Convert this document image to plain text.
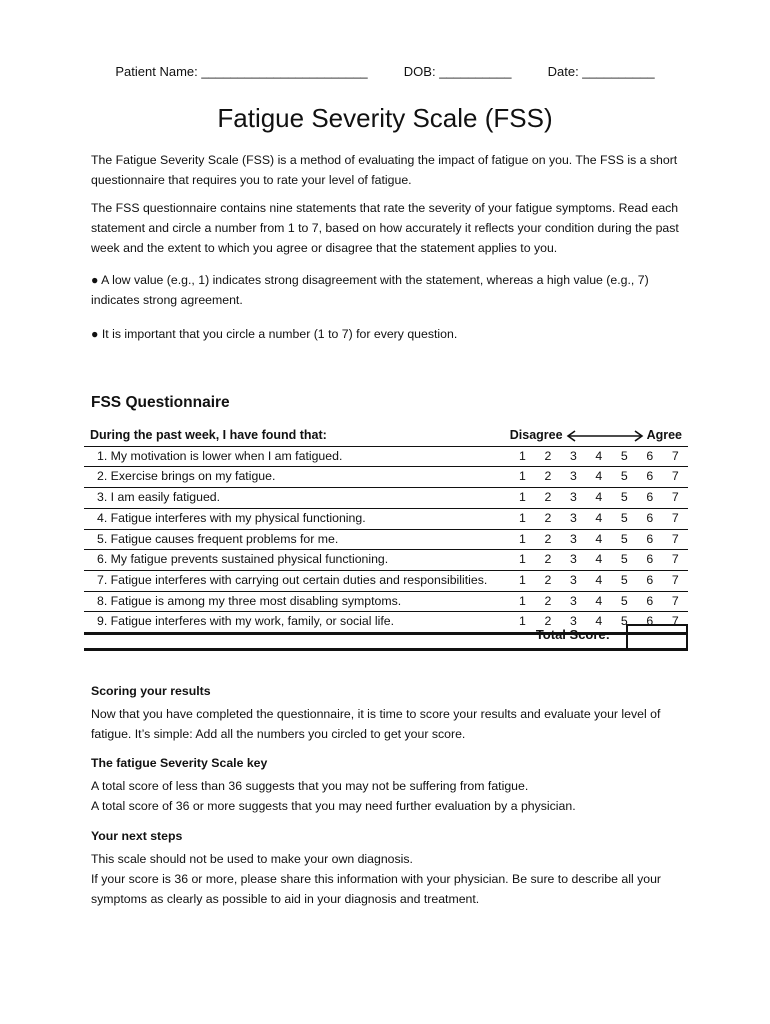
Patient Name: _______________________	DOB: __________	Date: __________
Fatigue Severity Scale (FSS)

The Fatigue Severity Scale (FSS) is a method of evaluating the impact of fatigue on you. The FSS is a short questionnaire that requires you to rate your level of fatigue.

The FSS questionnaire contains nine statements that rate the severity of your fatigue symptoms. Read each statement and circle a number from 1 to 7, based on how accurately it reflects your condition during the past week and the extent to which you agree or disagree that the statement applies to you.

● A low value (e.g., 1) indicates strong disagreement with the statement, whereas a high value (e.g., 7) indicates strong agreement.

● It is important that you circle a number (1 to 7) for every question.

FSS Questionnaire
During the past week, I have found that:	Disagree Agree						
1. My motivation is lower when I am fatigued.	1	2	3	4	5	6	7
2. Exercise brings on my fatigue.	1	2	3	4	5	6	7
3. I am easily fatigued.	1	2	3	4	5	6	7
4. Fatigue interferes with my physical functioning.	1	2	3	4	5	6	7
5. Fatigue causes frequent problems for me.	1	2	3	4	5	6	7
6. My fatigue prevents sustained physical functioning.	1	2	3	4	5	6	7
7. Fatigue interferes with carrying out certain duties and responsibilities.	1	2	3	4	5	6	7
8. Fatigue is among my three most disabling symptoms.	1	2	3	4	5	6	7
9. Fatigue interferes with my work, family, or social life.	1	2	3	4	5	6	7
Total Score:
Scoring your results

Now that you have completed the questionnaire, it is time to score your results and evaluate your level of fatigue. It’s simple: Add all the numbers you circled to get your score.

The fatigue Severity Scale key

A total score of less than 36 suggests that you may not be suffering from fatigue.

A total score of 36 or more suggests that you may need further evaluation by a physician.

Your next steps

This scale should not be used to make your own diagnosis.

If your score is 36 or more, please share this information with your physician. Be sure to describe all your symptoms as clearly as possible to aid in your diagnosis and treatment.
